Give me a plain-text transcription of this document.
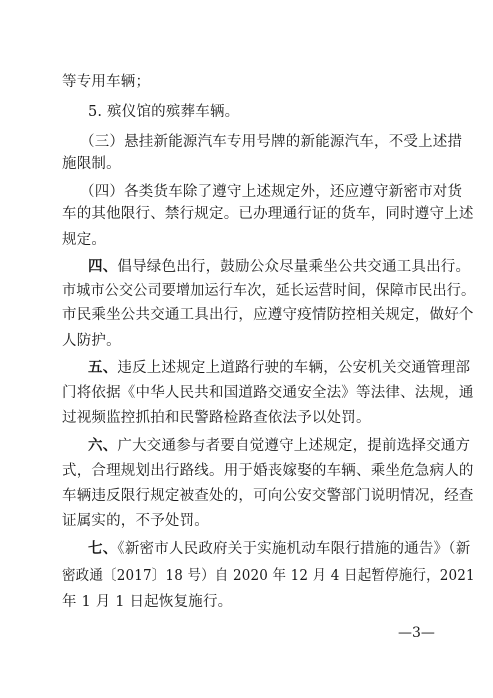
等专用车辆；
5. 殡仪馆的殡葬车辆。
（三）悬挂新能源汽车专用号牌的新能源汽车，不受上述措
施限制。
（四）各类货车除了遵守上述规定外，还应遵守新密市对货
车的其他限行、禁行规定。已办理通行证的货车，同时遵守上述
规定。
四、倡导绿色出行，鼓励公众尽量乘坐公共交通工具出行。
市城市公交公司要增加运行车次，延长运营时间，保障市民出行。
市民乘坐公共交通工具出行，应遵守疫情防控相关规定，做好个
人防护。
五、违反上述规定上道路行驶的车辆，公安机关交通管理部
门将依据《中华人民共和国道路交通安全法》等法律、法规，通
过视频监控抓拍和民警路检路查依法予以处罚。
六、广大交通参与者要自觉遵守上述规定，提前选择交通方
式，合理规划出行路线。用于婚丧嫁娶的车辆、乘坐危急病人的
车辆违反限行规定被查处的，可向公安交警部门说明情况，经查
证属实的，不予处罚。
七、《新密市人民政府关于实施机动车限行措施的通告》（新
密政通〔2017〕18 号）自 2020 年 12 月 4 日起暂停施行，2021
年 1 月 1 日起恢复施行。
—3—
